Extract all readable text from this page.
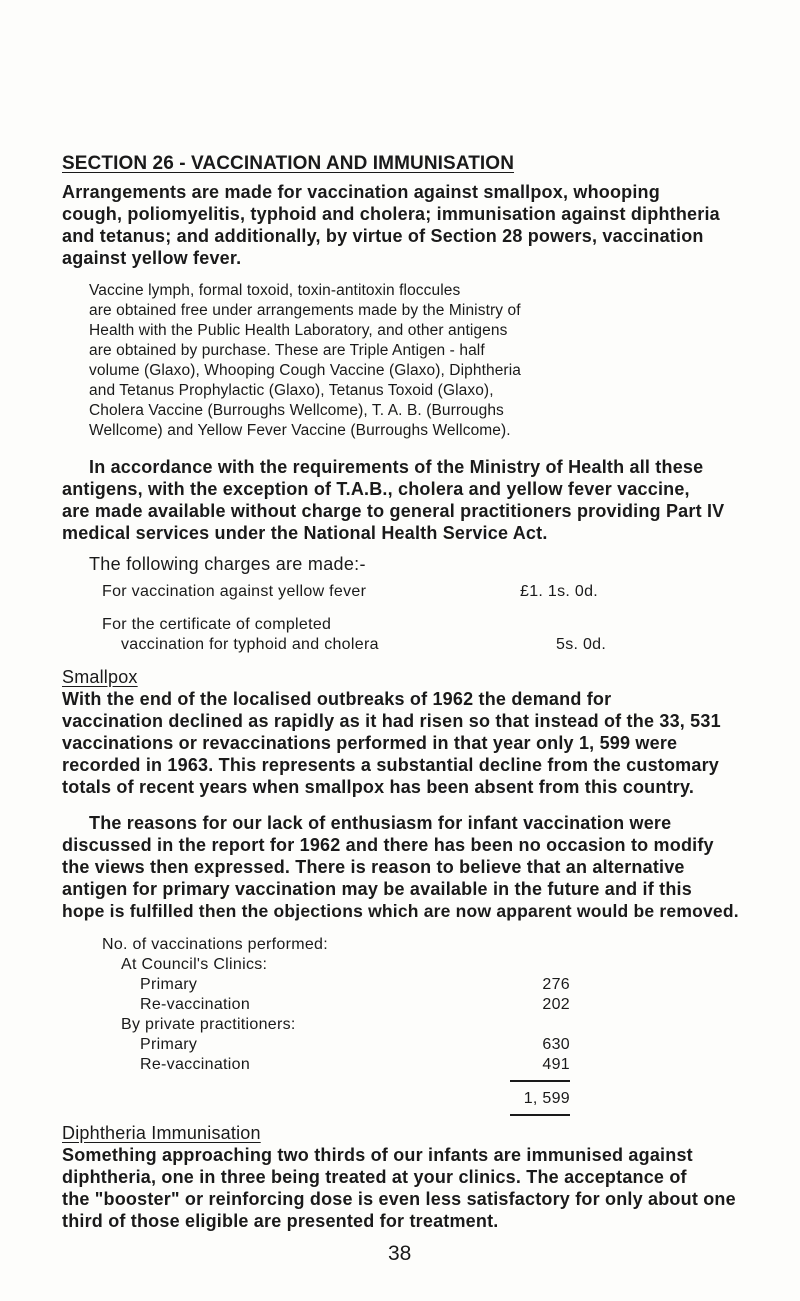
SECTION 26 - VACCINATION AND IMMUNISATION
Arrangements are made for vaccination against smallpox, whooping
cough, poliomyelitis, typhoid and cholera; immunisation against diphtheria
and tetanus; and additionally, by virtue of Section 28 powers, vaccination
against yellow fever.
Vaccine lymph, formal toxoid, toxin-antitoxin floccules
are obtained free under arrangements made by the Ministry of
Health with the Public Health Laboratory, and other antigens
are obtained by purchase. These are Triple Antigen - half
volume (Glaxo), Whooping Cough Vaccine (Glaxo), Diphtheria
and Tetanus Prophylactic (Glaxo), Tetanus Toxoid (Glaxo),
Cholera Vaccine (Burroughs Wellcome), T. A. B. (Burroughs
Wellcome) and Yellow Fever Vaccine (Burroughs Wellcome).
In accordance with the requirements of the Ministry of Health all these
antigens, with the exception of T.A.B., cholera and yellow fever vaccine,
are made available without charge to general practitioners providing Part IV
medical services under the National Health Service Act.
The following charges are made:-
For vaccination against yellow fever	£1. 1s. 0d.
For the certificate of completed
vaccination for typhoid and cholera	5s. 0d.
Smallpox
With the end of the localised outbreaks of 1962 the demand for
vaccination declined as rapidly as it had risen so that instead of the 33, 531
vaccinations or revaccinations performed in that year only 1, 599 were
recorded in 1963. This represents a substantial decline from the customary
totals of recent years when smallpox has been absent from this country.
The reasons for our lack of enthusiasm for infant vaccination were
discussed in the report for 1962 and there has been no occasion to modify
the views then expressed. There is reason to believe that an alternative
antigen for primary vaccination may be available in the future and if this
hope is fulfilled then the objections which are now apparent would be removed.
No. of vaccinations performed:
At Council's Clinics:
Primary	276
Re-vaccination	202
By private practitioners:
Primary	630
Re-vaccination	491
1, 599
Diphtheria Immunisation
Something approaching two thirds of our infants are immunised against
diphtheria, one in three being treated at your clinics. The acceptance of
the "booster" or reinforcing dose is even less satisfactory for only about one
third of those eligible are presented for treatment.
38
